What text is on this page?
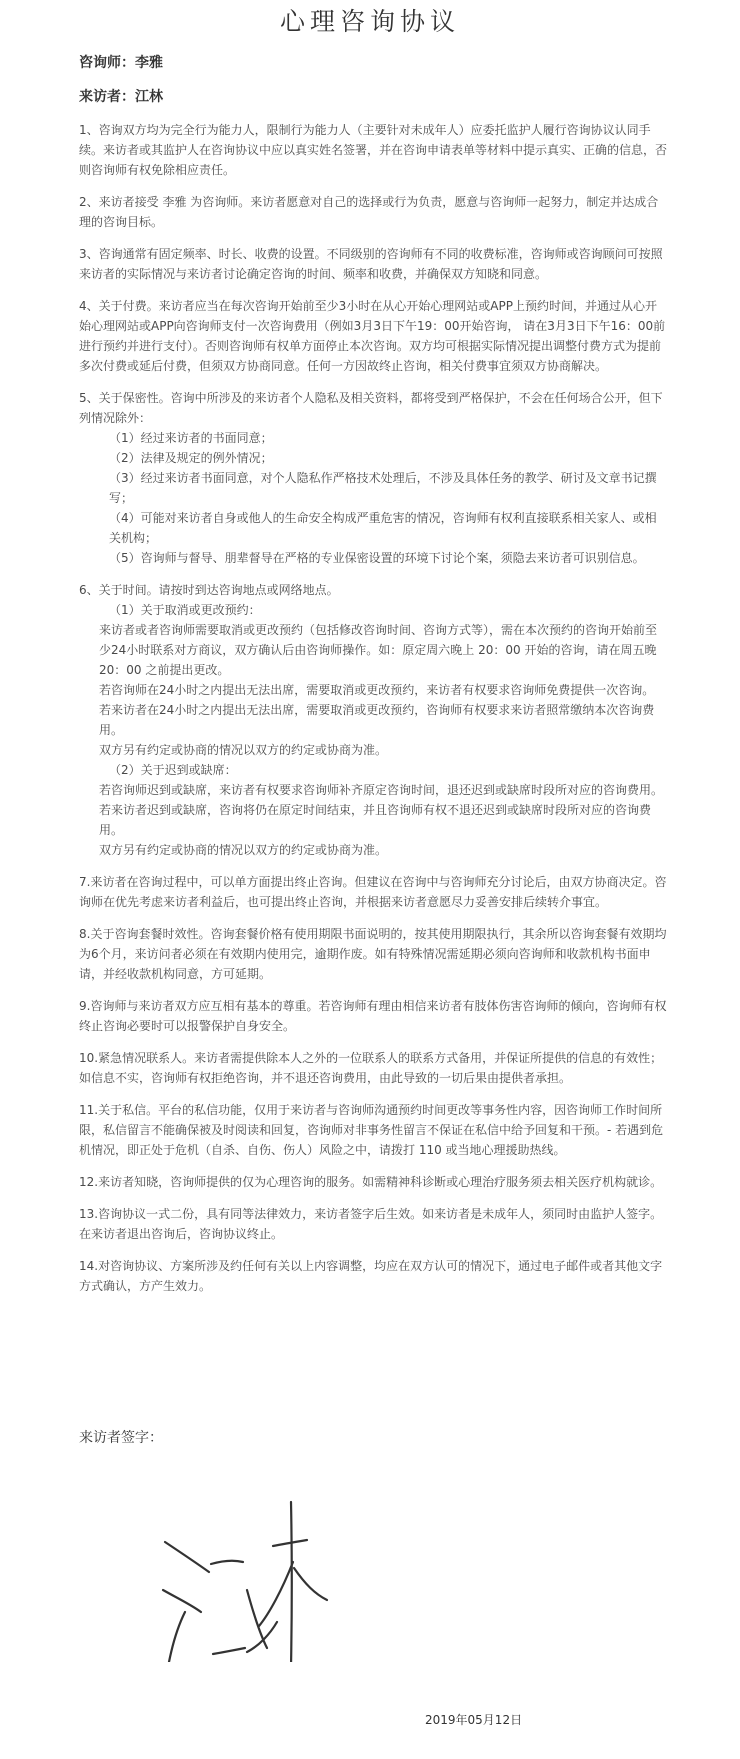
心理咨询协议
咨询师：李雅
来访者：江林

1、咨询双方均为完全行为能力人，限制行为能力人（主要针对未成年人）应委托监护人履行咨询协议认同手续。来访者或其监护人在咨询协议中应以真实姓名签署，并在咨询申请表单等材料中提示真实、正确的信息，否则咨询师有权免除相应责任。

2、来访者接受 李雅 为咨询师。来访者愿意对自己的选择或行为负责，愿意与咨询师一起努力，制定并达成合理的咨询目标。

3、咨询通常有固定频率、时长、收费的设置。不同级别的咨询师有不同的收费标准，咨询师或咨询顾问可按照来访者的实际情况与来访者讨论确定咨询的时间、频率和收费，并确保双方知晓和同意。

4、关于付费。来访者应当在每次咨询开始前至少3小时在从心开始心理网站或APP上预约时间，并通过从心开始心理网站或APP向咨询师支付一次咨询费用（例如3月3日下午19：00开始咨询， 请在3月3日下午16：00前进行预约并进行支付）。否则咨询师有权单方面停止本次咨询。双方均可根据实际情况提出调整付费方式为提前多次付费或延后付费，但须双方协商同意。任何一方因故终止咨询，相关付费事宜须双方协商解决。

5、关于保密性。咨询中所涉及的来访者个人隐私及相关资料，都将受到严格保护，不会在任何场合公开，但下列情况除外：

（1）经过来访者的书面同意；

（2）法律及规定的例外情况；

（3）经过来访者书面同意，对个人隐私作严格技术处理后，不涉及具体任务的教学、研讨及文章书记撰写；

（4）可能对来访者自身或他人的生命安全构成严重危害的情况，咨询师有权利直接联系相关家人、或相关机构；

（5）咨询师与督导、朋辈督导在严格的专业保密设置的环境下讨论个案，须隐去来访者可识别信息。

6、关于时间。请按时到达咨询地点或网络地点。

（1）关于取消或更改预约：

来访者或者咨询师需要取消或更改预约（包括修改咨询时间、咨询方式等），需在本次预约的咨询开始前至少24小时联系对方商议，双方确认后由咨询师操作。如：原定周六晚上 20：00 开始的咨询，请在周五晚 20：00 之前提出更改。

若咨询师在24小时之内提出无法出席，需要取消或更改预约，来访者有权要求咨询师免费提供一次咨询。

若来访者在24小时之内提出无法出席，需要取消或更改预约，咨询师有权要求来访者照常缴纳本次咨询费用。

双方另有约定或协商的情况以双方的约定或协商为准。

（2）关于迟到或缺席：

若咨询师迟到或缺席，来访者有权要求咨询师补齐原定咨询时间，退还迟到或缺席时段所对应的咨询费用。

若来访者迟到或缺席，咨询将仍在原定时间结束，并且咨询师有权不退还迟到或缺席时段所对应的咨询费用。

双方另有约定或协商的情况以双方的约定或协商为准。

7.来访者在咨询过程中，可以单方面提出终止咨询。但建议在咨询中与咨询师充分讨论后，由双方协商决定。咨询师在优先考虑来访者利益后，也可提出终止咨询，并根据来访者意愿尽力妥善安排后续转介事宜。

8.关于咨询套餐时效性。咨询套餐价格有使用期限书面说明的，按其使用期限执行，其余所以咨询套餐有效期均为6个月，来访问者必须在有效期内使用完，逾期作废。如有特殊情况需延期必须向咨询师和收款机构书面申请，并经收款机构同意，方可延期。

9.咨询师与来访者双方应互相有基本的尊重。若咨询师有理由相信来访者有肢体伤害咨询师的倾向，咨询师有权终止咨询必要时可以报警保护自身安全。

10.紧急情况联系人。来访者需提供除本人之外的一位联系人的联系方式备用，并保证所提供的信息的有效性；如信息不实，咨询师有权拒绝咨询，并不退还咨询费用，由此导致的一切后果由提供者承担。

11.关于私信。平台的私信功能，仅用于来访者与咨询师沟通预约时间更改等事务性内容，因咨询师工作时间所限，私信留言不能确保被及时阅读和回复，咨询师对非事务性留言不保证在私信中给予回复和干预。- 若遇到危机情况，即正处于危机（自杀、自伤、伤人）风险之中，请拨打 110 或当地心理援助热线。

12.来访者知晓，咨询师提供的仅为心理咨询的服务。如需精神科诊断或心理治疗服务须去相关医疗机构就诊。

13.咨询协议一式二份，具有同等法律效力，来访者签字后生效。如来访者是未成年人，须同时由监护人签字。在来访者退出咨询后，咨询协议终止。

14.对咨询协议、方案所涉及约任何有关以上内容调整，均应在双方认可的情况下，通过电子邮件或者其他文字方式确认，方产生效力。

来访者签字：
2019年05月12日
